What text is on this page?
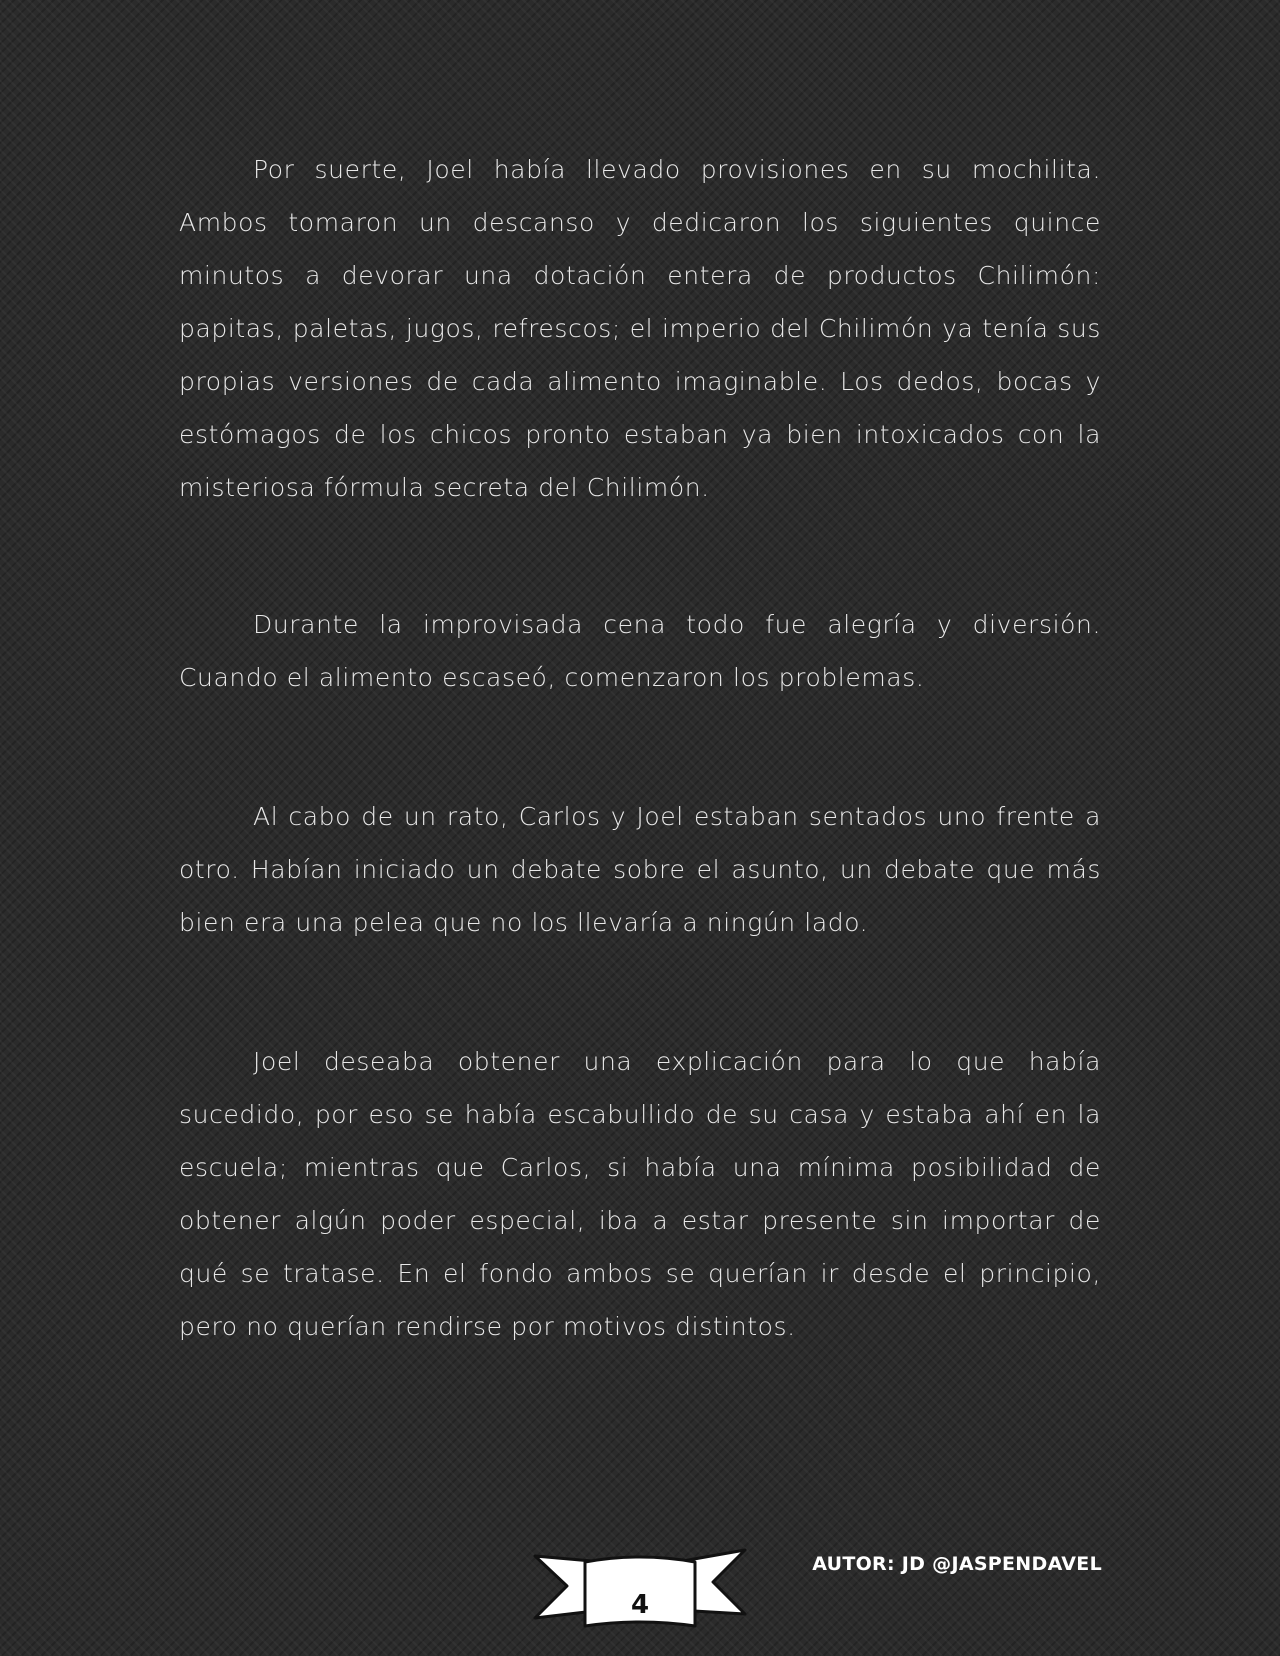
Por suerte, Joel había llevado provisiones en su mochilita. Ambos tomaron un descanso y dedicaron los siguientes quince minutos a devorar una dotación entera de productos Chilimón: papitas, paletas, jugos, refrescos; el imperio del Chilimón ya tenía sus propias versiones de cada alimento imaginable. Los dedos, bocas y estómagos de los chicos pronto estaban ya bien intoxicados con la misteriosa fórmula secreta del Chilimón.

Durante la improvisada cena todo fue alegría y diversión. Cuando el alimento escaseó, comenzaron los problemas.

Al cabo de un rato, Carlos y Joel estaban sentados uno frente a otro. Habían iniciado un debate sobre el asunto, un debate que más bien era una pelea que no los llevaría a ningún lado.

Joel deseaba obtener una explicación para lo que había sucedido, por eso se había escabullido de su casa y estaba ahí en la escuela; mientras que Carlos, si había una mínima posibilidad de obtener algún poder especial, iba a estar presente sin importar de qué se tratase. En el fondo ambos se querían ir desde el principio, pero no querían rendirse por motivos distintos.

4
AUTOR: JD @JASPENDAVEL
